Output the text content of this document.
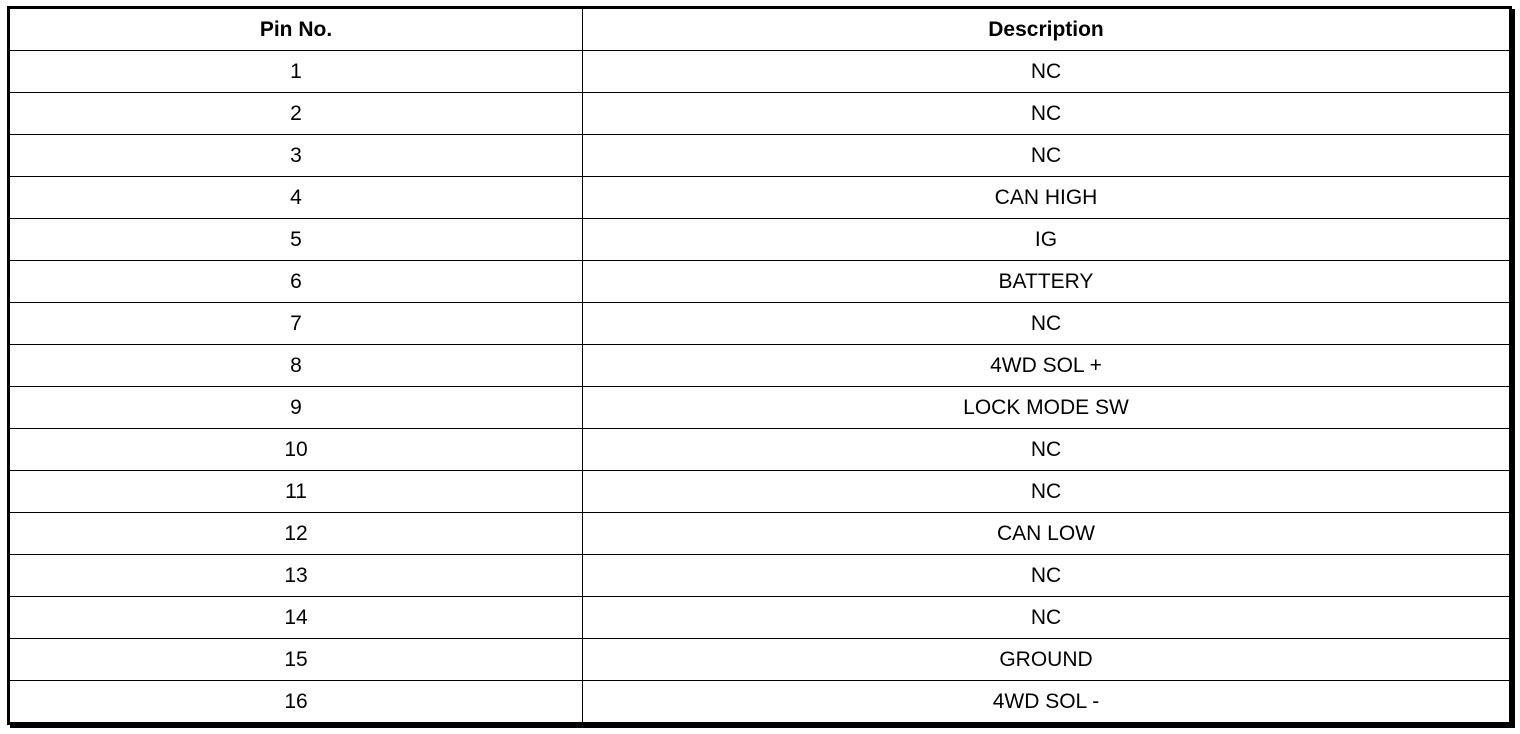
Pin No.	Description
1	NC
2	NC
3	NC
4	CAN HIGH
5	IG
6	BATTERY
7	NC
8	4WD SOL +
9	LOCK MODE SW
10	NC
11	NC
12	CAN LOW
13	NC
14	NC
15	GROUND
16	4WD SOL -
